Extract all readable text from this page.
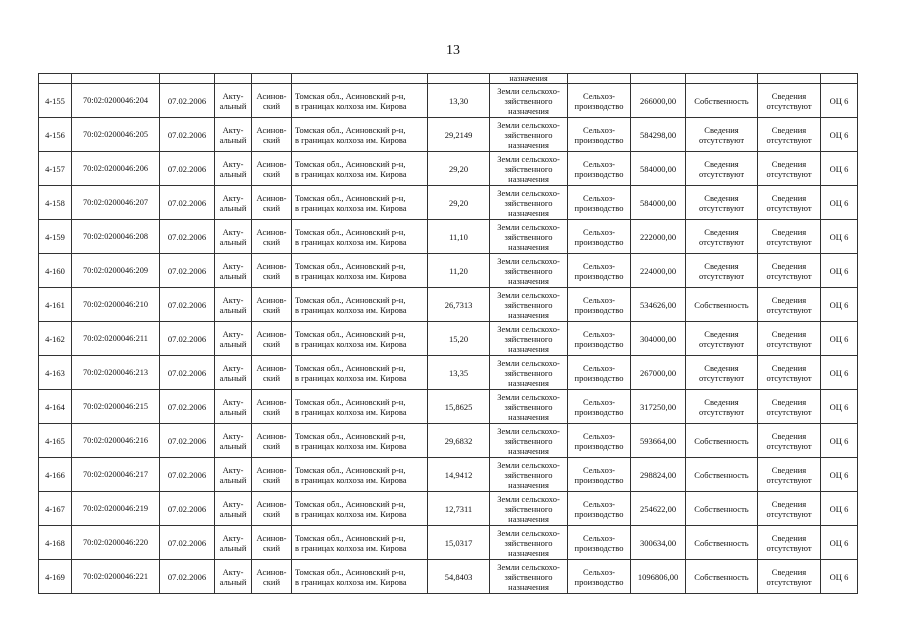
13
							назначения					
4-155	70:02:0200046:204	07.02.2006	Акту-
альный	Асинов-
ский	Томская обл., Асиновский р-н,
в границах колхоза им. Кирова	13,30	Земли сельскохо-
зяйственного
назначения	Сельхоз-
производство	266000,00	Собственность	Сведения
отсутствуют	ОЦ 6
4-156	70:02:0200046:205	07.02.2006	Акту-
альный	Асинов-
ский	Томская обл., Асиновский р-н,
в границах колхоза им. Кирова	29,2149	Земли сельскохо-
зяйственного
назначения	Сельхоз-
производство	584298,00	Сведения
отсутствуют	Сведения
отсутствуют	ОЦ 6
4-157	70:02:0200046:206	07.02.2006	Акту-
альный	Асинов-
ский	Томская обл., Асиновский р-н,
в границах колхоза им. Кирова	29,20	Земли сельскохо-
зяйственного
назначения	Сельхоз-
производство	584000,00	Сведения
отсутствуют	Сведения
отсутствуют	ОЦ 6
4-158	70:02:0200046:207	07.02.2006	Акту-
альный	Асинов-
ский	Томская обл., Асиновский р-н,
в границах колхоза им. Кирова	29,20	Земли сельскохо-
зяйственного
назначения	Сельхоз-
производство	584000,00	Сведения
отсутствуют	Сведения
отсутствуют	ОЦ 6
4-159	70:02:0200046:208	07.02.2006	Акту-
альный	Асинов-
ский	Томская обл., Асиновский р-н,
в границах колхоза им. Кирова	11,10	Земли сельскохо-
зяйственного
назначения	Сельхоз-
производство	222000,00	Сведения
отсутствуют	Сведения
отсутствуют	ОЦ 6
4-160	70:02:0200046:209	07.02.2006	Акту-
альный	Асинов-
ский	Томская обл., Асиновский р-н,
в границах колхоза им. Кирова	11,20	Земли сельскохо-
зяйственного
назначения	Сельхоз-
производство	224000,00	Сведения
отсутствуют	Сведения
отсутствуют	ОЦ 6
4-161	70:02:0200046:210	07.02.2006	Акту-
альный	Асинов-
ский	Томская обл., Асиновский р-н,
в границах колхоза им. Кирова	26,7313	Земли сельскохо-
зяйственного
назначения	Сельхоз-
производство	534626,00	Собственность	Сведения
отсутствуют	ОЦ 6
4-162	70:02:0200046:211	07.02.2006	Акту-
альный	Асинов-
ский	Томская обл., Асиновский р-н,
в границах колхоза им. Кирова	15,20	Земли сельскохо-
зяйственного
назначения	Сельхоз-
производство	304000,00	Сведения
отсутствуют	Сведения
отсутствуют	ОЦ 6
4-163	70:02:0200046:213	07.02.2006	Акту-
альный	Асинов-
ский	Томская обл., Асиновский р-н,
в границах колхоза им. Кирова	13,35	Земли сельскохо-
зяйственного
назначения	Сельхоз-
производство	267000,00	Сведения
отсутствуют	Сведения
отсутствуют	ОЦ 6
4-164	70:02:0200046:215	07.02.2006	Акту-
альный	Асинов-
ский	Томская обл., Асиновский р-н,
в границах колхоза им. Кирова	15,8625	Земли сельскохо-
зяйственного
назначения	Сельхоз-
производство	317250,00	Сведения
отсутствуют	Сведения
отсутствуют	ОЦ 6
4-165	70:02:0200046:216	07.02.2006	Акту-
альный	Асинов-
ский	Томская обл., Асиновский р-н,
в границах колхоза им. Кирова	29,6832	Земли сельскохо-
зяйственного
назначения	Сельхоз-
производство	593664,00	Собственность	Сведения
отсутствуют	ОЦ 6
4-166	70:02:0200046:217	07.02.2006	Акту-
альный	Асинов-
ский	Томская обл., Асиновский р-н,
в границах колхоза им. Кирова	14,9412	Земли сельскохо-
зяйственного
назначения	Сельхоз-
производство	298824,00	Собственность	Сведения
отсутствуют	ОЦ 6
4-167	70:02:0200046:219	07.02.2006	Акту-
альный	Асинов-
ский	Томская обл., Асиновский р-н,
в границах колхоза им. Кирова	12,7311	Земли сельскохо-
зяйственного
назначения	Сельхоз-
производство	254622,00	Собственность	Сведения
отсутствуют	ОЦ 6
4-168	70:02:0200046:220	07.02.2006	Акту-
альный	Асинов-
ский	Томская обл., Асиновский р-н,
в границах колхоза им. Кирова	15,0317	Земли сельскохо-
зяйственного
назначения	Сельхоз-
производство	300634,00	Собственность	Сведения
отсутствуют	ОЦ 6
4-169	70:02:0200046:221	07.02.2006	Акту-
альный	Асинов-
ский	Томская обл., Асиновский р-н,
в границах колхоза им. Кирова	54,8403	Земли сельскохо-
зяйственного
назначения	Сельхоз-
производство	1096806,00	Собственность	Сведения
отсутствуют	ОЦ 6
